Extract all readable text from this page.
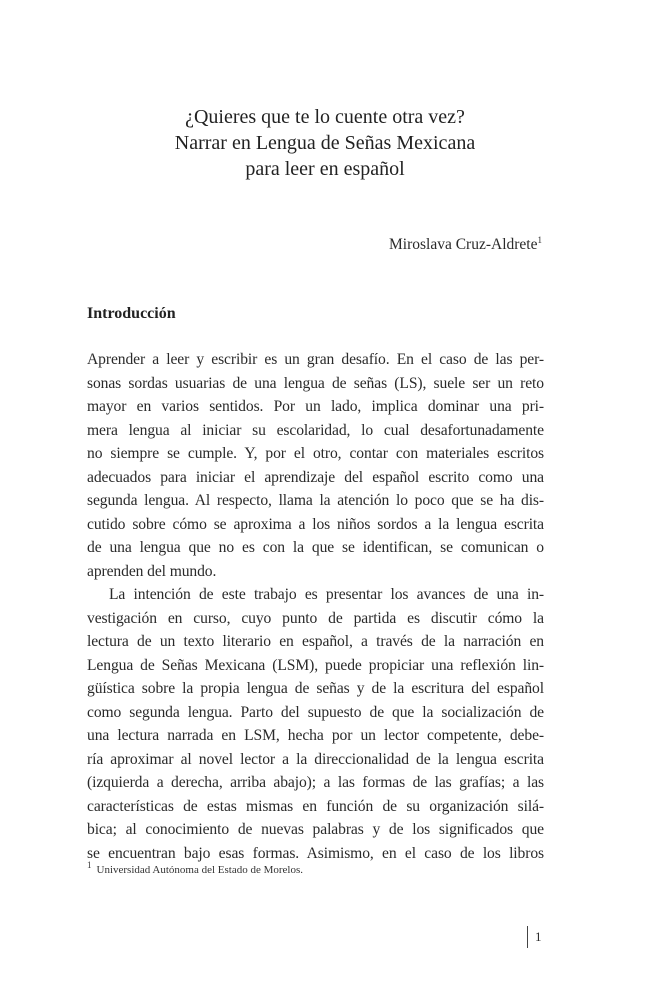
¿Quieres que te lo cuente otra vez?
Narrar en Lengua de Señas Mexicana
para leer en español
Miroslava Cruz-Aldrete$^1$
Introducción
Aprender a leer y escribir es un gran desafío. En el caso de las per-
sonas sordas usuarias de una lengua de señas (LS), suele ser un reto
mayor en varios sentidos. Por un lado, implica dominar una pri-
mera lengua al iniciar su escolaridad, lo cual desafortunadamente
no siempre se cumple. Y, por el otro, contar con materiales escritos
adecuados para iniciar el aprendizaje del español escrito como una
segunda lengua. Al respecto, llama la atención lo poco que se ha dis-
cutido sobre cómo se aproxima a los niños sordos a la lengua escrita
de una lengua que no es con la que se identifican, se comunican o
aprenden del mundo.
La intención de este trabajo es presentar los avances de una in-
vestigación en curso, cuyo punto de partida es discutir cómo la
lectura de un texto literario en español, a través de la narración en
Lengua de Señas Mexicana (LSM), puede propiciar una reflexión lin-
güística sobre la propia lengua de señas y de la escritura del español
como segunda lengua. Parto del supuesto de que la socialización de
una lectura narrada en LSM, hecha por un lector competente, debe-
ría aproximar al novel lector a la direccionalidad de la lengua escrita
(izquierda a derecha, arriba abajo); a las formas de las grafías; a las
características de estas mismas en función de su organización silá-
bica; al conocimiento de nuevas palabras y de los significados que
se encuentran bajo esas formas. Asimismo, en el caso de los libros
$^1$ Universidad Autónoma del Estado de Morelos.
1
